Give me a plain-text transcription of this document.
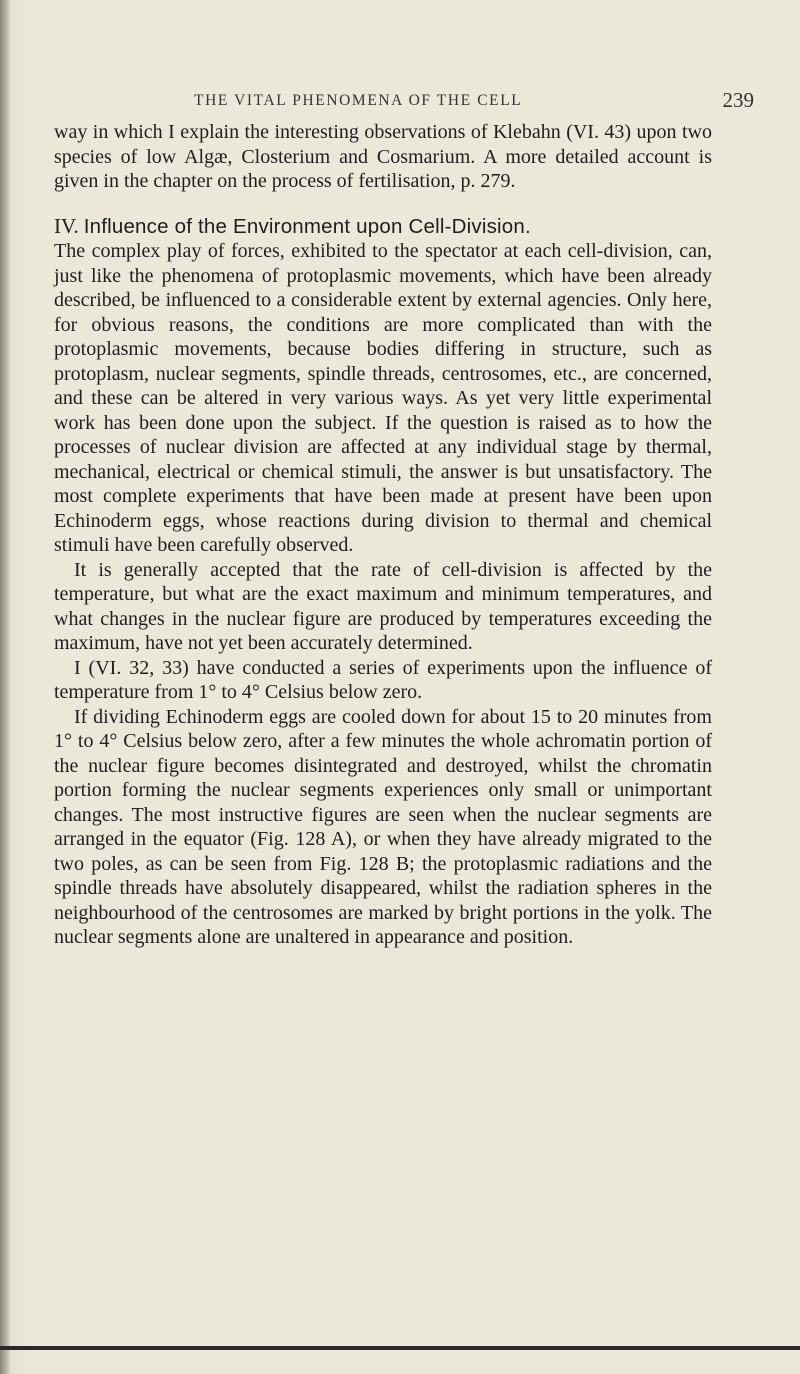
THE VITAL PHENOMENA OF THE CELL	239

way in which I explain the interesting observations of Klebahn (VI. 43) upon two species of low Algæ, Closterium and Cosmarium. A more detailed account is given in the chapter on the process of fertilisation, p. 279.

IV. Influence of the Environment upon Cell-Division.

The complex play of forces, exhibited to the spectator at each cell-division, can, just like the phenomena of protoplasmic movements, which have been already described, be influenced to a considerable extent by external agencies. Only here, for obvious reasons, the conditions are more complicated than with the protoplasmic movements, because bodies differing in structure, such as protoplasm, nuclear segments, spindle threads, centrosomes, etc., are concerned, and these can be altered in very various ways. As yet very little experimental work has been done upon the subject. If the question is raised as to how the processes of nuclear division are affected at any individual stage by thermal, mechanical, electrical or chemical stimuli, the answer is but unsatisfactory. The most complete experiments that have been made at present have been upon Echinoderm eggs, whose reactions during division to thermal and chemical stimuli have been carefully observed.

It is generally accepted that the rate of cell-division is affected by the temperature, but what are the exact maximum and minimum temperatures, and what changes in the nuclear figure are produced by temperatures exceeding the maximum, have not yet been accurately determined.

I (VI. 32, 33) have conducted a series of experiments upon the influence of temperature from 1° to 4° Celsius below zero.

If dividing Echinoderm eggs are cooled down for about 15 to 20 minutes from 1° to 4° Celsius below zero, after a few minutes the whole achromatin portion of the nuclear figure becomes disintegrated and destroyed, whilst the chromatin portion forming the nuclear segments experiences only small or unimportant changes. The most instructive figures are seen when the nuclear segments are arranged in the equator (Fig. 128 A), or when they have already migrated to the two poles, as can be seen from Fig. 128 B; the protoplasmic radiations and the spindle threads have absolutely disappeared, whilst the radiation spheres in the neighbourhood of the centrosomes are marked by bright portions in the yolk. The nuclear segments alone are unaltered in appearance and position.
